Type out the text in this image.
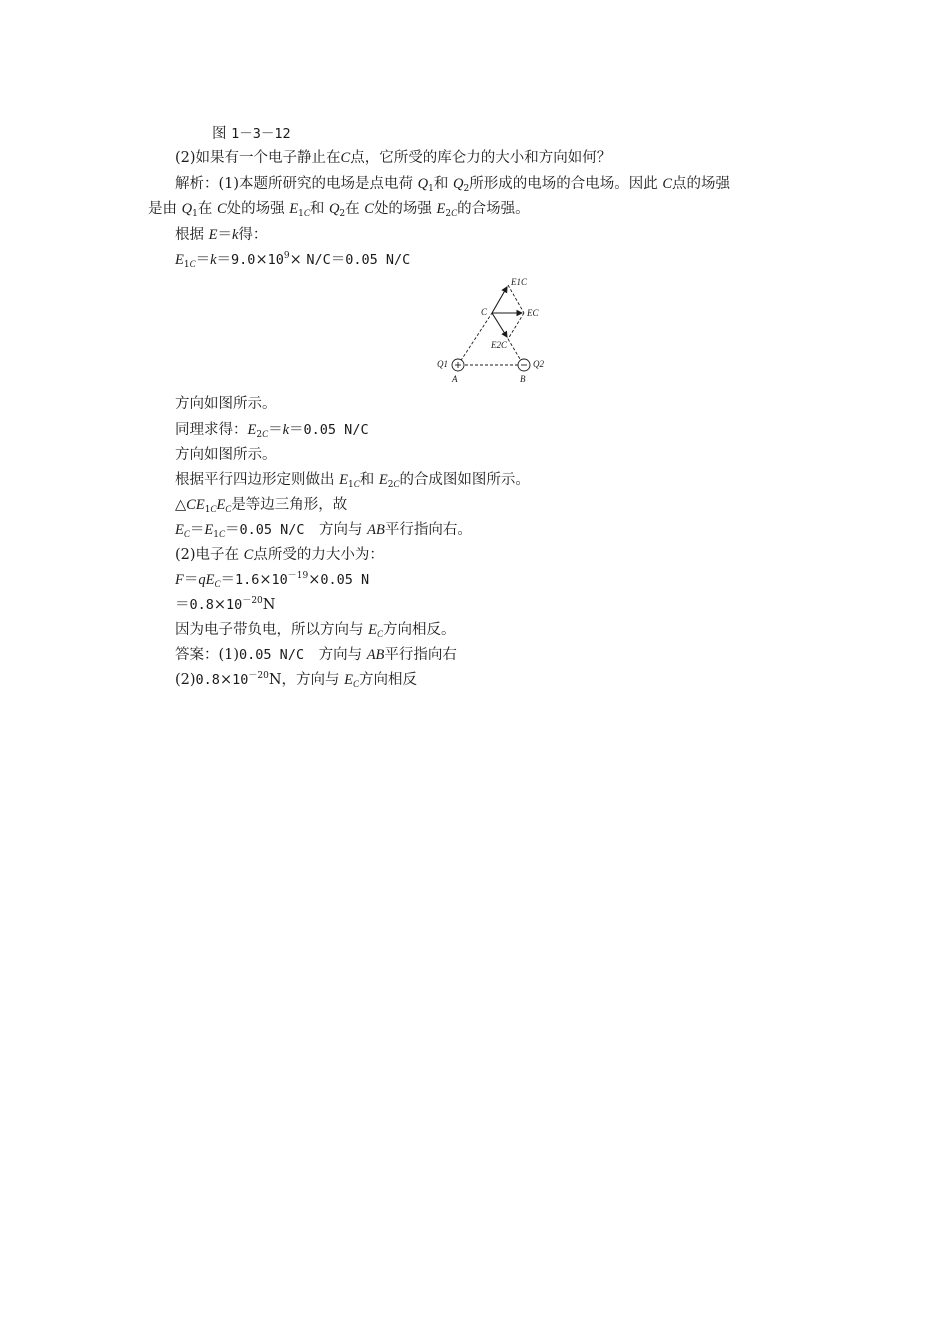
图 1－3－12
(2)如果有一个电子静止在C点，它所受的库仑力的大小和方向如何？
解析：(1)本题所研究的电场是点电荷 $Q_1$和 $Q_2$所形成的电场的合电场。因此 C点的场强
是由 $Q_1$在 C处的场强 $E_{1C}$和 $Q_2$在 C处的场强 $E_{2C}$的合场强。
根据 E＝k得：
$E_{1C}=k=9.0\times 10^9\times N/C=0.05$ N/C
E1C
EC
E2C
C
Q1
A	B
Q2
方向如图所示。
同理求得：$E_{2C}=k=0.05$ N/C
方向如图所示。
根据平行四边形定则做出 $E_{1C}$和 $E_{2C}$的合成图如图所示。
$\triangle CE_{1C}E_C$是等边三角形，故
$E_C=E_{1C}=0.05$ N/C　方向与 AB平行指向右。
(2)电子在 C点所受的力大小为：
$F=qE_C=1.6\times 10^{-19}\times 0.05$ N
$=0.8\times 10^{-20}N$
因为电子带负电，所以方向与 $E_C$方向相反。
答案：(1)0.05 N/C　方向与 AB平行指向右
$(2)0.8\times 10^{-20}N$，方向与 $E_C$方向相反
